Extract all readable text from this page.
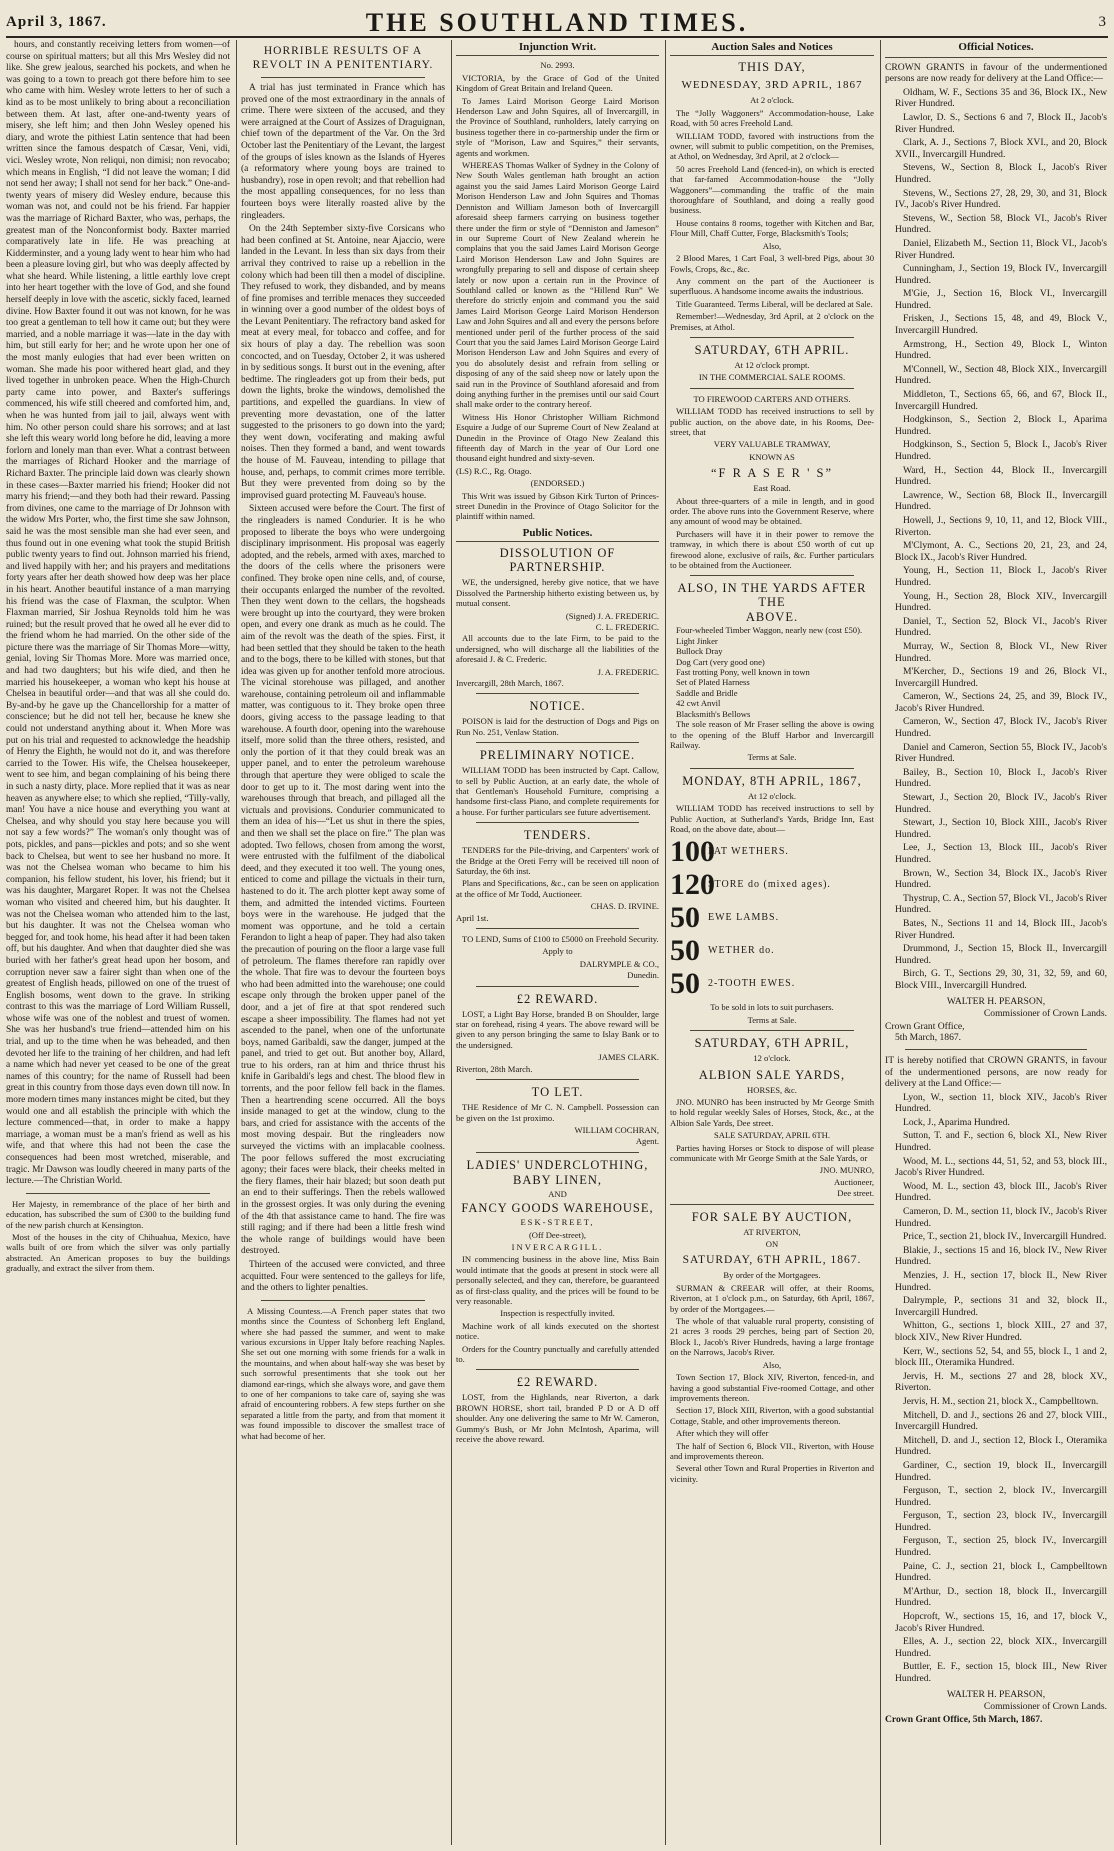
April 3, 1867.	THE SOUTHLAND TIMES.	3

hours, and constantly receiving letters from women—of course on spiritual matters; but all this Mrs Wesley did not like. She grew jealous, searched his pockets, and when he was going to a town to preach got there before him to see who came with him. Wesley wrote letters to her of such a kind as to be most unlikely to bring about a reconciliation between them. At last, after one-and-twenty years of misery, she left him; and then John Wesley opened his diary, and wrote the pithiest Latin sentence that had been written since the famous despatch of Cæsar, Veni, vidi, vici. Wesley wrote, Non reliqui, non dimisi; non revocabo; which means in English, “I did not leave the woman; I did not send her away; I shall not send for her back.” One-and-twenty years of misery did Wesley endure, because this woman was not, and could not be his friend. Far happier was the marriage of Richard Baxter, who was, perhaps, the greatest man of the Nonconformist body. Baxter married comparatively late in life. He was preaching at Kidderminster, and a young lady went to hear him who had been a pleasure loving girl, but who was deeply affected by what she heard. While listening, a little earthly love crept into her heart together with the love of God, and she found herself deeply in love with the ascetic, sickly faced, learned divine. How Baxter found it out was not known, for he was too great a gentleman to tell how it came out; but they were married, and a noble marriage it was—late in the day with him, but still early for her; and he wrote upon her one of the most manly eulogies that had ever been written on woman. She made his poor withered heart glad, and they lived together in unbroken peace. When the High-Church party came into power, and Baxter's sufferings commenced, his wife still cheered and comforted him, and, when he was hunted from jail to jail, always went with him. No other person could share his sorrows; and at last she left this weary world long before he did, leaving a more forlorn and lonely man than ever. What a contrast between the marriages of Richard Hooker and the marriage of Richard Baxter. The principle laid down was clearly shown in these cases—Baxter married his friend; Hooker did not marry his friend;—and they both had their reward. Passing from divines, one came to the marriage of Dr Johnson with the widow Mrs Porter, who, the first time she saw Johnson, said he was the most sensible man she had ever seen, and thus found out in one evening what took the stupid British public twenty years to find out. Johnson married his friend, and lived happily with her; and his prayers and meditations forty years after her death showed how deep was her place in his heart. Another beautiful instance of a man marrying his friend was the case of Flaxman, the sculptor. When Flaxman married, Sir Joshua Reynolds told him he was ruined; but the result proved that he owed all he ever did to the friend whom he had married. On the other side of the picture there was the marriage of Sir Thomas More—witty, genial, loving Sir Thomas More. More was married once, and had two daughters; but his wife died, and then he married his housekeeper, a woman who kept his house at Chelsea in beautiful order—and that was all she could do. By-and-by he gave up the Chancellorship for a matter of conscience; but he did not tell her, because he knew she could not understand anything about it. When More was put on his trial and requested to acknowledge the headship of Henry the Eighth, he would not do it, and was therefore carried to the Tower. His wife, the Chelsea housekeeper, went to see him, and began complaining of his being there in such a nasty dirty, place. More replied that it was as near heaven as anywhere else; to which she replied, “Tilly-vally, man! You have a nice house and everything you want at Chelsea, and why should you stay here because you will not say a few words?” The woman's only thought was of pots, pickles, and pans—pickles and pots; and so she went back to Chelsea, but went to see her husband no more. It was not the Chelsea woman who became to him his companion, his fellow student, his lover, his friend; but it was his daughter, Margaret Roper. It was not the Chelsea woman who visited and cheered him, but his daughter. It was not the Chelsea woman who attended him to the last, but his daughter. It was not the Chelsea woman who begged for, and took home, his head after it had been taken off, but his daughter. And when that daughter died she was buried with her father's great head upon her bosom, and corruption never saw a fairer sight than when one of the greatest of English heads, pillowed on one of the truest of English bosoms, went down to the grave. In striking contrast to this was the marriage of Lord William Russell, whose wife was one of the noblest and truest of women. She was her husband's true friend—attended him on his trial, and up to the time when he was beheaded, and then devoted her life to the training of her children, and had left a name which had never yet ceased to be one of the great names of this country; for the name of Russell had been great in this country from those days even down till now. In more modern times many instances might be cited, but they would one and all establish the principle with which the lecture commenced—that, in order to make a happy marriage, a woman must be a man's friend as well as his wife, and that where this had not been the case the consequences had been most wretched, miserable, and tragic. Mr Dawson was loudly cheered in many parts of the lecture.—The Christian World.

Her Majesty, in remembrance of the place of her birth and education, has subscribed the sum of £300 to the building fund of the new parish church at Kensington.

Most of the houses in the city of Chihuahua, Mexico, have walls built of ore from which the silver was only partially abstracted. An American proposes to buy the buildings gradually, and extract the silver from them.

HORRIBLE RESULTS OF A REVOLT IN A PENITENTIARY.

A trial has just terminated in France which has proved one of the most extraordinary in the annals of crime. There were sixteen of the accused, and they were arraigned at the Court of Assizes of Draguignan, chief town of the department of the Var. On the 3rd October last the Penitentiary of the Levant, the largest of the groups of isles known as the Islands of Hyeres (a reformatory where young boys are trained to husbandry), rose in open revolt; and that rebellion had the most appalling consequences, for no less than fourteen boys were literally roasted alive by the ringleaders.

On the 24th September sixty-five Corsicans who had been confined at St. Antoine, near Ajaccio, were landed in the Levant. In less than six days from their arrival they contrived to raise up a rebellion in the colony which had been till then a model of discipline. They refused to work, they disbanded, and by means of fine promises and terrible menaces they succeeded in winning over a good number of the oldest boys of the Levant Penitentiary. The refractory band asked for meat at every meal, for tobacco and coffee, and for six hours of play a day. The rebellion was soon concocted, and on Tuesday, October 2, it was ushered in by seditious songs. It burst out in the evening, after bedtime. The ringleaders got up from their beds, put down the lights, broke the windows, demolished the partitions, and expelled the guardians. In view of preventing more devastation, one of the latter suggested to the prisoners to go down into the yard; they went down, vociferating and making awful noises. Then they formed a band, and went towards the house of M. Fauveau, intending to pillage that house, and, perhaps, to commit crimes more terrible. But they were prevented from doing so by the improvised guard protecting M. Fauveau's house.

Sixteen accused were before the Court. The first of the ringleaders is named Condurier. It is he who proposed to liberate the boys who were undergoing disciplinary imprisonment. His proposal was eagerly adopted, and the rebels, armed with axes, marched to the doors of the cells where the prisoners were confined. They broke open nine cells, and, of course, their occupants enlarged the number of the revolted. Then they went down to the cellars, the hogsheads were brought up into the courtyard, they were broken open, and every one drank as much as he could. The aim of the revolt was the death of the spies. First, it had been settled that they should be taken to the heath and to the bogs, there to be killed with stones, but that idea was given up for another tenfold more atrocious. The vicinal storehouse was pillaged, and another warehouse, containing petroleum oil and inflammable matter, was contiguous to it. They broke open three doors, giving access to the passage leading to that warehouse. A fourth door, opening into the warehouse itself, more solid than the three others, resisted, and only the portion of it that they could break was an upper panel, and to enter the petroleum warehouse through that aperture they were obliged to scale the door to get up to it. The most daring went into the warehouses through that breach, and pillaged all the victuals and provisions. Condurier communicated to them an idea of his—“Let us shut in there the spies, and then we shall set the place on fire.” The plan was adopted. Two fellows, chosen from among the worst, were entrusted with the fulfilment of the diabolical deed, and they executed it too well. The young ones, enticed to come and pillage the victuals in their turn, hastened to do it. The arch plotter kept away some of them, and admitted the intended victims. Fourteen boys were in the warehouse. He judged that the moment was opportune, and he told a certain Ferandon to light a heap of paper. They had also taken the precaution of pouring on the floor a large vase full of petroleum. The flames therefore ran rapidly over the whole. That fire was to devour the fourteen boys who had been admitted into the warehouse; one could escape only through the broken upper panel of the door, and a jet of fire at that spot rendered such escape a sheer impossibility. The flames had not yet ascended to the panel, when one of the unfortunate boys, named Garibaldi, saw the danger, jumped at the panel, and tried to get out. But another boy, Allard, true to his orders, ran at him and thrice thrust his knife in Garibaldi's legs and chest. The blood flew in torrents, and the poor fellow fell back in the flames. Then a heartrending scene occurred. All the boys inside managed to get at the window, clung to the bars, and cried for assistance with the accents of the most moving despair. But the ringleaders now surveyed the victims with an implacable coolness. The poor fellows suffered the most excruciating agony; their faces were black, their cheeks melted in the fiery flames, their hair blazed; but soon death put an end to their sufferings. Then the rebels wallowed in the grossest orgies. It was only during the evening of the 4th that assistance came to hand. The fire was still raging; and if there had been a little fresh wind the whole range of buildings would have been destroyed.

Thirteen of the accused were convicted, and three acquitted. Four were sentenced to the galleys for life, and the others to lighter penalties.

A Missing Countess.—A French paper states that two months since the Countess of Schonberg left England, where she had passed the summer, and went to make various excursions in Upper Italy before reaching Naples. She set out one morning with some friends for a walk in the mountains, and when about half-way she was beset by such sorrowful presentiments that she took out her diamond ear-rings, which she always wore, and gave them to one of her companions to take care of, saying she was afraid of encountering robbers. A few steps further on she separated a little from the party, and from that moment it was found impossible to discover the smallest trace of what had become of her.

Injunction Writ.
No. 2993.

VICTORIA, by the Grace of God of the United Kingdom of Great Britain and Ireland Queen.

To James Laird Morison George Laird Morison Henderson Law and John Squires, all of Invercargill, in the Province of Southland, runholders, lately carrying on business together there in co-partnership under the firm or style of “Morison, Law and Squires,” their servants, agents and workmen.

WHEREAS Thomas Walker of Sydney in the Colony of New South Wales gentleman hath brought an action against you the said James Laird Morison George Laird Morison Henderson Law and John Squires and Thomas Denniston and William Jameson both of Invercargill aforesaid sheep farmers carrying on business together there under the firm or style of “Denniston and Jameson” in our Supreme Court of New Zealand wherein he complains that you the said James Laird Morison George Laird Morison Henderson Law and John Squires are wrongfully preparing to sell and dispose of certain sheep lately or now upon a certain run in the Province of Southland called or known as the “Hillend Run” We therefore do strictly enjoin and command you the said James Laird Morison George Laird Morison Henderson Law and John Squires and all and every the persons before mentioned under peril of the further process of the said Court that you the said James Laird Morison George Laird Morison Henderson Law and John Squires and every of you do absolutely desist and refrain from selling or disposing of any of the said sheep now or lately upon the said run in the Province of Southland aforesaid and from doing anything further in the premises until our said Court shall make order to the contrary hereof.

Witness His Honor Christopher William Richmond Esquire a Judge of our Supreme Court of New Zealand at Dunedin in the Province of Otago New Zealand this fifteenth day of March in the year of Our Lord one thousand eight hundred and sixty-seven.

(LS) R.C., Rg. Otago.
(ENDORSED.)

This Writ was issued by Gibson Kirk Turton of Princes-street Dunedin in the Province of Otago Solicitor for the plaintiff within named.

Public Notices.
DISSOLUTION OF PARTNERSHIP.

WE, the undersigned, hereby give notice, that we have Dissolved the Partnership hitherto existing between us, by mutual consent.

(Signed) J. A. FREDERIC.
C. L. FREDERIC.

All accounts due to the late Firm, to be paid to the undersigned, who will discharge all the liabilities of the aforesaid J. & C. Frederic.

J. A. FREDERIC.
Invercargill, 28th March, 1867.
NOTICE.

POISON is laid for the destruction of Dogs and Pigs on Run No. 251, Venlaw Station.

PRELIMINARY NOTICE.

WILLIAM TODD has been instructed by Capt. Callow, to sell by Public Auction, at an early date, the whole of that Gentleman's Household Furniture, comprising a handsome first-class Piano, and complete requirements for a house. For further particulars see future advertisement.

TENDERS.

TENDERS for the Pile-driving, and Carpenters' work of the Bridge at the Oreti Ferry will be received till noon of Saturday, the 6th inst.

Plans and Specifications, &c., can be seen on application at the office of Mr Todd, Auctioneer.

CHAS. D. IRVINE.
April 1st.

TO LEND, Sums of £100 to £5000 on Freehold Security.

Apply to
DALRYMPLE & CO.,
Dunedin.
£2 REWARD.

LOST, a Light Bay Horse, branded B on Shoulder, large star on forehead, rising 4 years. The above reward will be given to any person bringing the same to Islay Bank or to the undersigned.

JAMES CLARK.
Riverton, 28th March.
TO LET.

THE Residence of Mr C. N. Campbell. Possession can be given on the 1st proximo.

WILLIAM COCHRAN,
Agent.
LADIES' UNDERCLOTHING,
BABY LINEN,
AND
FANCY GOODS WAREHOUSE,
ESK-STREET,
(Off Dee-street),
INVERCARGILL.

IN commencing business in the above line, Miss Bain would intimate that the goods at present in stock were all personally selected, and they can, therefore, be guaranteed as of first-class quality, and the prices will be found to be very reasonable.

Inspection is respectfully invited.

Machine work of all kinds executed on the shortest notice.

Orders for the Country punctually and carefully attended to.

£2 REWARD.

LOST, from the Highlands, near Riverton, a dark BROWN HORSE, short tail, branded P D or A D off shoulder. Any one delivering the same to Mr W. Cameron, Gummy's Bush, or Mr John McIntosh, Aparima, will receive the above reward.

Auction Sales and Notices
THIS DAY,
WEDNESDAY, 3RD APRIL, 1867
At 2 o'clock.

The “Jolly Waggoners” Accommodation-house, Lake Road, with 50 acres Freehold Land.

WILLIAM TODD, favored with instructions from the owner, will submit to public competition, on the Premises, at Athol, on Wednesday, 3rd April, at 2 o'clock—

50 acres Freehold Land (fenced-in), on which is erected that far-famed Accommodation-house the “Jolly Waggoners”—commanding the traffic of the main thoroughfare of Southland, and doing a really good business.

House contains 8 rooms, together with Kitchen and Bar, Flour Mill, Chaff Cutter, Forge, Blacksmith's Tools;

Also,

2 Blood Mares, 1 Cart Foal, 3 well-bred Pigs, about 30 Fowls, Crops, &c., &c.

Any comment on the part of the Auctioneer is superfluous. A handsome income awaits the industrious.

Title Guaranteed. Terms Liberal, will be declared at Sale.

Remember!—Wednesday, 3rd April, at 2 o'clock on the Premises, at Athol.

SATURDAY, 6TH APRIL.
At 12 o'clock prompt.
IN THE COMMERCIAL SALE ROOMS.
TO FIREWOOD CARTERS AND OTHERS.

WILLIAM TODD has received instructions to sell by public auction, on the above date, in his Rooms, Dee-street, that

VERY VALUABLE TRAMWAY,
KNOWN AS
“F R A S E R ' S”
East Road.

About three-quarters of a mile in length, and in good order. The above runs into the Government Reserve, where any amount of wood may be obtained.

Purchasers will have it in their power to remove the tramway, in which there is about £50 worth of cut up firewood alone, exclusive of rails, &c. Further particulars to be obtained from the Auctioneer.

ALSO, IN THE YARDS AFTER THE
ABOVE.
Four-wheeled Timber Waggon, nearly new (cost £50).
Light Jinker
Bullock Dray
Dog Cart (very good one)
Fast trotting Pony, well known in town
Set of Plated Harness
Saddle and Bridle
42 cwt Anvil
Blacksmith's Bellows

The sole reason of Mr Fraser selling the above is owing to the opening of the Bluff Harbor and Invercargill Railway.

Terms at Sale.
MONDAY, 8TH APRIL, 1867,
At 12 o'clock.

WILLIAM TODD has received instructions to sell by Public Auction, at Sutherland's Yards, Bridge Inn, East Road, on the above date, about—

100
FAT WETHERS.
120
STORE do (mixed ages).
50 EWE LAMBS.
50 WETHER do.
50 2-TOOTH EWES.
To be sold in lots to suit purchasers.
Terms at Sale.
SATURDAY, 6TH APRIL,
12 o'clock.
ALBION SALE YARDS,
HORSES, &c.

JNO. MUNRO has been instructed by Mr George Smith to hold regular weekly Sales of Horses, Stock, &c., at the Albion Sale Yards, Dee street.

SALE SATURDAY, APRIL 6TH.

Parties having Horses or Stock to dispose of will please communicate with Mr George Smith at the Sale Yards, or

JNO. MUNRO,
Auctioneer,
Dee street.
FOR SALE BY AUCTION,
AT RIVERTON,
ON
SATURDAY, 6TH APRIL, 1867.
By order of the Mortgagees.

SURMAN & CREEAR will offer, at their Rooms, Riverton, at 1 o'clock p.m., on Saturday, 6th April, 1867, by order of the Mortgagees.—

The whole of that valuable rural property, consisting of 21 acres 3 roods 29 perches, being part of Section 20, Block I., Jacob's River Hundreds, having a large frontage on the Narrows, Jacob's River.

Also,

Town Section 17, Block XIV, Riverton, fenced-in, and having a good substantial Five-roomed Cottage, and other improvements thereon.

Section 17, Block XIII, Riverton, with a good substantial Cottage, Stable, and other improvements thereon.

After which they will offer

The half of Section 6, Block VII., Riverton, with House and improvements thereon.

Several other Town and Rural Properties in Riverton and vicinity.

Official Notices.

CROWN GRANTS in favour of the undermentioned persons are now ready for delivery at the Land Office:—

Oldham, W. F., Sections 35 and 36, Block IX., New River Hundred.

Lawlor, D. S., Sections 6 and 7, Block II., Jacob's River Hundred.

Clark, A. J., Sections 7, Block XVI., and 20, Block XVII., Invercargill Hundred.

Stevens, W., Section 8, Block I., Jacob's River Hundred.

Stevens, W., Sections 27, 28, 29, 30, and 31, Block IV., Jacob's River Hundred.

Stevens, W., Section 58, Block VI., Jacob's River Hundred.

Daniel, Elizabeth M., Section 11, Block VI., Jacob's River Hundred.

Cunningham, J., Section 19, Block IV., Invercargill Hundred.

M'Gie, J., Section 16, Block VI., Invercargill Hundred.

Frisken, J., Sections 15, 48, and 49, Block V., Invercargill Hundred.

Armstrong, H., Section 49, Block I., Winton Hundred.

M'Connell, W., Section 48, Block XIX., Invercargill Hundred.

Middleton, T., Sections 65, 66, and 67, Block II., Invercargill Hundred.

Hodgkinson, S., Section 2, Block I., Aparima Hundred.

Hodgkinson, S., Section 5, Block I., Jacob's River Hundred.

Ward, H., Section 44, Block II., Invercargill Hundred.

Lawrence, W., Section 68, Block II., Invercargill Hundred.

Howell, J., Sections 9, 10, 11, and 12, Block VIII., Riverton.

M'Clymont, A. C., Sections 20, 21, 23, and 24, Block IX., Jacob's River Hundred.

Young, H., Section 11, Block I., Jacob's River Hundred.

Young, H., Section 28, Block XIV., Invercargill Hundred.

Daniel, T., Section 52, Block VI., Jacob's River Hundred.

Murray, W., Section 8, Block VI., New River Hundred.

M'Kercher, D., Sections 19 and 26, Block VI., Invercargill Hundred.

Cameron, W., Sections 24, 25, and 39, Block IV., Jacob's River Hundred.

Cameron, W., Section 47, Block IV., Jacob's River Hundred.

Daniel and Cameron, Section 55, Block IV., Jacob's River Hundred.

Bailey, B., Section 10, Block I., Jacob's River Hundred.

Stewart, J., Section 20, Block IV., Jacob's River Hundred.

Stewart, J., Section 10, Block XIII., Jacob's River Hundred.

Lee, J., Section 13, Block III., Jacob's River Hundred.

Brown, W., Section 34, Block IX., Jacob's River Hundred.

Thystrup, C. A., Section 57, Block VI., Jacob's River Hundred.

Bates, N., Sections 11 and 14, Block III., Jacob's River Hundred.

Drummond, J., Section 15, Block II., Invercargill Hundred.

Birch, G. T., Sections 29, 30, 31, 32, 59, and 60, Block VIII., Invercargill Hundred.

WALTER H. PEARSON,
Commissioner of Crown Lands.
Crown Grant Office,
5th March, 1867.

IT is hereby notified that CROWN GRANTS, in favour of the undermentioned persons, are now ready for delivery at the Land Office:—

Lyon, W., section 11, block XIV., Jacob's River Hundred.

Lock, J., Aparima Hundred.

Sutton, T. and F., section 6, block XI., New River Hundred.

Wood, M. L., sections 44, 51, 52, and 53, block III., Jacob's River Hundred.

Wood, M. L., section 43, block III., Jacob's River Hundred.

Cameron, D. M., section 11, block IV., Jacob's River Hundred.

Price, T., section 21, block IV., Invercargill Hundred.

Blakie, J., sections 15 and 16, block IV., New River Hundred.

Menzies, J. H., section 17, block II., New River Hundred.

Dalrymple, P., sections 31 and 32, block II., Invercargill Hundred.

Whitton, G., sections 1, block XIII., 27 and 37, block XIV., New River Hundred.

Kerr, W., sections 52, 54, and 55, block I., 1 and 2, block III., Oteramika Hundred.

Jervis, H. M., sections 27 and 28, block XV., Riverton.

Jervis, H. M., section 21, block X., Campbelltown.

Mitchell, D. and J., sections 26 and 27, block VIII., Invercargill Hundred.

Mitchell, D. and J., section 12, Block I., Oteramika Hundred.

Gardiner, C., section 19, block II., Invercargill Hundred.

Ferguson, T., section 2, block IV., Invercargill Hundred.

Ferguson, T., section 23, block IV., Invercargill Hundred.

Ferguson, T., section 25, block IV., Invercargill Hundred.

Paine, C. J., section 21, block I., Campbelltown Hundred.

M'Arthur, D., section 18, block II., Invercargill Hundred.

Hopcroft, W., sections 15, 16, and 17, block V., Jacob's River Hundred.

Elles, A. J., section 22, block XIX., Invercargill Hundred.

Buttler, E. F., section 15, block III., New River Hundred.

WALTER H. PEARSON,
Commissioner of Crown Lands.
Crown Grant Office, 5th March, 1867.
